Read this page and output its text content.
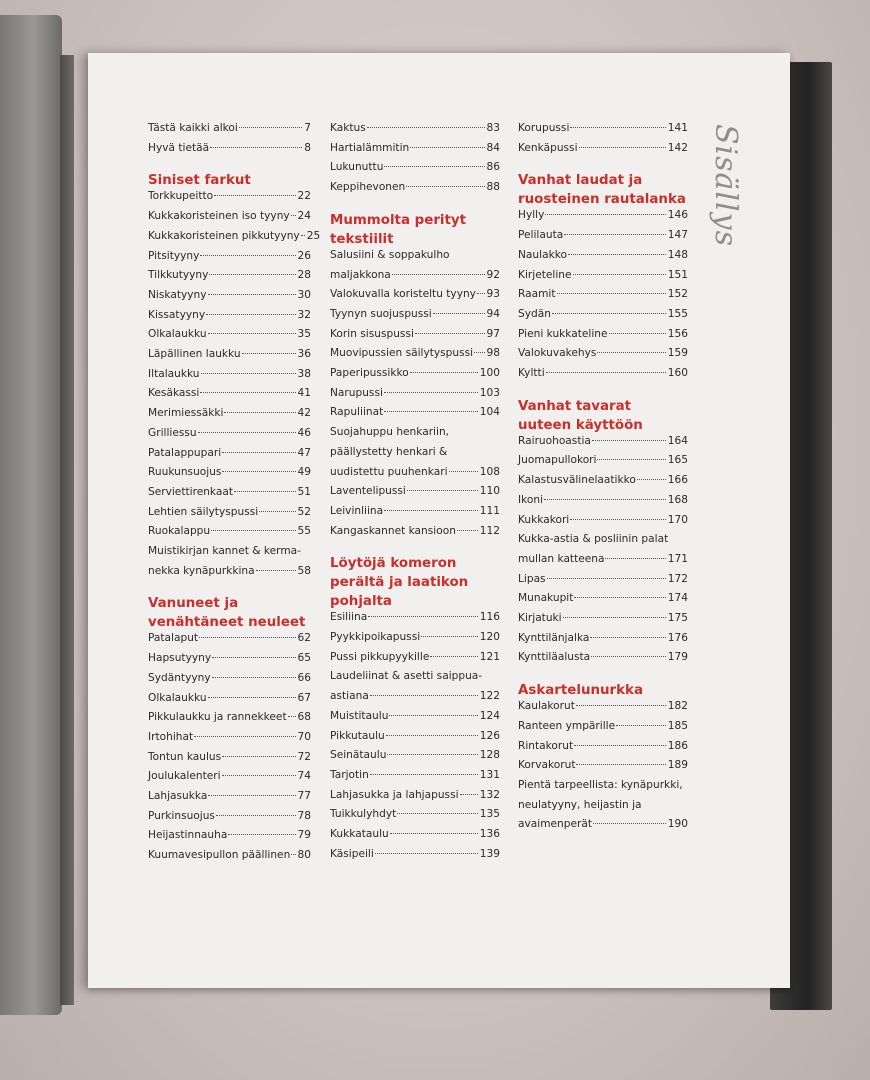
Tästä kaikki alkoi	7
Hyvä tietää	8
Siniset farkut
Torkkupeitto	22
Kukkakoristeinen iso tyyny 24
Kukkakoristeinen pikkutyyny 25
Pitsityyny	26
Tilkkutyyny	28
Niskatyyny	30
Kissatyyny	32
Olkalaukku	35
Läpällinen laukku	36
Iltalaukku	38
Kesäkassi	41
Merimiessäkki	42
Grilliessu	46
Patalappupari	47
Ruukunsuojus	49
Serviettirenkaat	51
Lehtien säilytyspussi	52
Ruokalappu	55
Muistikirjan kannet & kerma-
nekka kynäpurkkina	58
Vanuneet ja
venähtäneet neuleet
Patalaput	62
Hapsutyyny	65
Sydäntyyny	66
Olkalaukku	67
Pikkulaukku ja rannekkeet 68
Irtohihat	70
Tontun kaulus	72
Joulukalenteri	74
Lahjasukka	77
Purkinsuojus	78
Heijastinnauha	79
Kuumavesipullon päällinen 80
Kaktus	83
Hartialämmitin	84
Lukunuttu	86
Keppihevonen	88
Mummolta perityt
tekstiilit
Salusiini & soppakulho
maljakkona	92
Valokuvalla koristeltu tyyny 93
Tyynyn suojuspussi	94
Korin sisuspussi	97
Muovipussien säilytyspussi 98
Paperipussikko	100
Narupussi	103
Rapuliinat	104
Suojahuppu henkariin,
päällystetty henkari &
uudistettu puuhenkari	108
Laventelipussi	110
Leivinliina	111
Kangaskannet kansioon 112
Löytöjä komeron
perältä ja laatikon
pohjalta
Esiliina	116
Pyykkipoikapussi	120
Pussi pikkupyykille	121
Laudeliinat & asetti saippua-
astiana	122
Muistitaulu	124
Pikkutaulu	126
Seinätaulu	128
Tarjotin	131
Lahjasukka ja lahjapussi 132
Tuikkulyhdyt	135
Kukkataulu	136
Käsipeili	139
Korupussi	141
Kenkäpussi	142
Vanhat laudat ja
ruosteinen rautalanka
Hylly	146
Pelilauta	147
Naulakko	148
Kirjeteline	151
Raamit	152
Sydän	155
Pieni kukkateline	156
Valokuvakehys	159
Kyltti	160
Vanhat tavarat
uuteen käyttöön
Rairuohoastia	164
Juomapullokori	165
Kalastusvälinelaatikko	166
Ikoni	168
Kukkakori	170
Kukka-astia & posliinin palat
mullan katteena	171
Lipas	172
Munakupit	174
Kirjatuki	175
Kynttilänjalka	176
Kynttiläalusta	179
Askartelunurkka
Kaulakorut	182
Ranteen ympärille	185
Rintakorut	186
Korvakorut	189
Pientä tarpeellista: kynäpurkki,
neulatyyny, heijastin ja
avaimenperät	190
Sisällys
